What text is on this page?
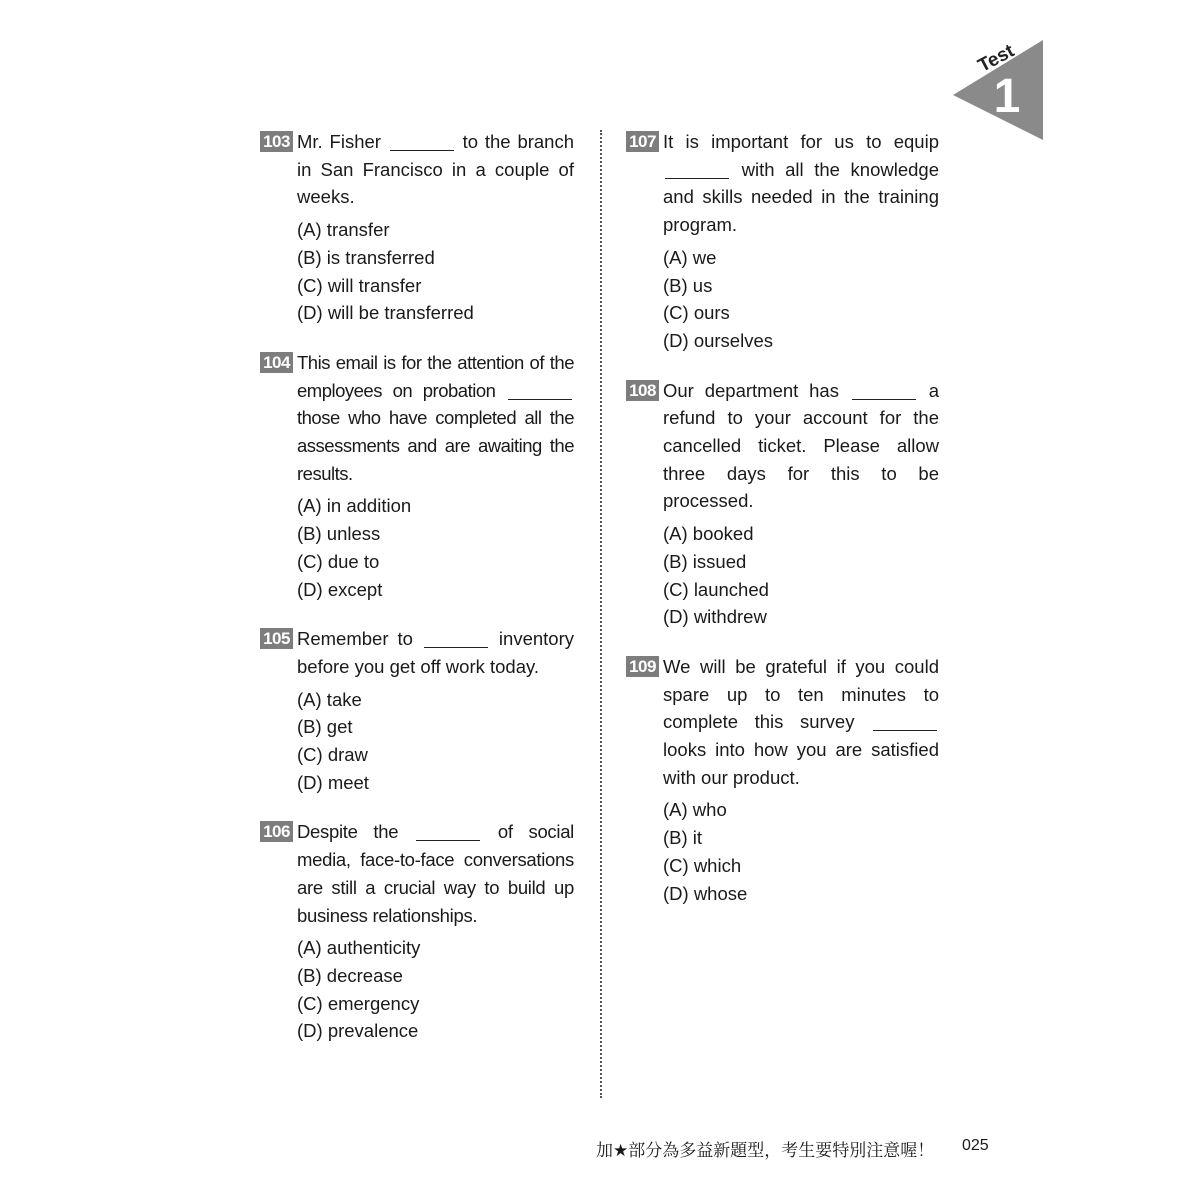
Test
1
103 Mr. Fisher	to the branch in San Francisco in a couple of weeks.
(A) transfer
(B) is transferred
(C) will transfer
(D) will be transferred
104 This email is for the attention of the employees on probation  those who have completed all the assessments and are awaiting the results.
(A) in addition
(B) unless
(C) due to
(D) except
105 Remember to	inventory before you get off work today.
(A) take
(B) get
(C) draw
(D) meet
106 Despite the	of social media, face-to-face conversations are still a crucial way to build up business relationships.
(A) authenticity
(B) decrease
(C) emergency
(D) prevalence
107 It is important for us to equip  with all the knowledge and skills needed in the training program.
(A) we
(B) us
(C) ours
(D) ourselves
108 Our department has	a refund to your account for the cancelled ticket. Please allow three days for this to be processed.
(A) booked
(B) issued
(C) launched
(D) withdrew
109 We will be grateful if you could spare up to ten minutes to complete this survey  looks into how you are satisfied with our product.
(A) who
(B) it
(C) which
(D) whose
加★部分為多益新題型，考生要特別注意喔！ 025
